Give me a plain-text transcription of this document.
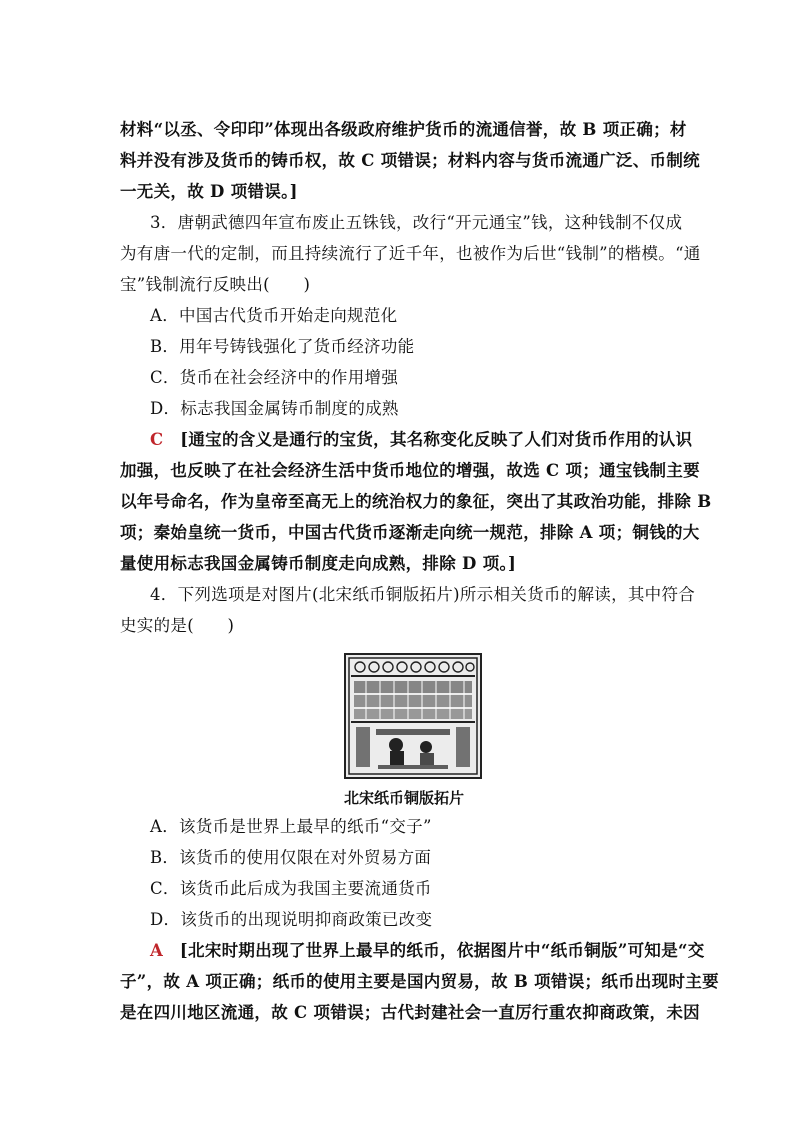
材料“以丞、令印印”体现出各级政府维护货币的流通信誉，故 B 项正确；材
料并没有涉及货币的铸币权，故 C 项错误；材料内容与货币流通广泛、币制统
一无关，故 D 项错误。]
3．唐朝武德四年宣布废止五铢钱，改行“开元通宝”钱，这种钱制不仅成
为有唐一代的定制，而且持续流行了近千年，也被作为后世“钱制”的楷模。“通
宝”钱制流行反映出(　　)
A．中国古代货币开始走向规范化
B．用年号铸钱强化了货币经济功能
C．货币在社会经济中的作用增强
D．标志我国金属铸币制度的成熟
C　 [通宝的含义是通行的宝货，其名称变化反映了人们对货币作用的认识
加强，也反映了在社会经济生活中货币地位的增强，故选 C 项；通宝钱制主要
以年号命名，作为皇帝至高无上的统治权力的象征，突出了其政治功能，排除 B
项；秦始皇统一货币，中国古代货币逐渐走向统一规范，排除 A 项；铜钱的大
量使用标志我国金属铸币制度走向成熟，排除 D 项。]
4．下列选项是对图片(北宋纸币铜版拓片)所示相关货币的解读，其中符合
史实的是(　　)
北宋纸币铜版拓片
A．该货币是世界上最早的纸币“交子”
B．该货币的使用仅限在对外贸易方面
C．该货币此后成为我国主要流通货币
D．该货币的出现说明抑商政策已改变
A　 [北宋时期出现了世界上最早的纸币，依据图片中“纸币铜版”可知是“交
子”，故 A 项正确；纸币的使用主要是国内贸易，故 B 项错误；纸币出现时主要
是在四川地区流通，故 C 项错误；古代封建社会一直厉行重农抑商政策，未因
